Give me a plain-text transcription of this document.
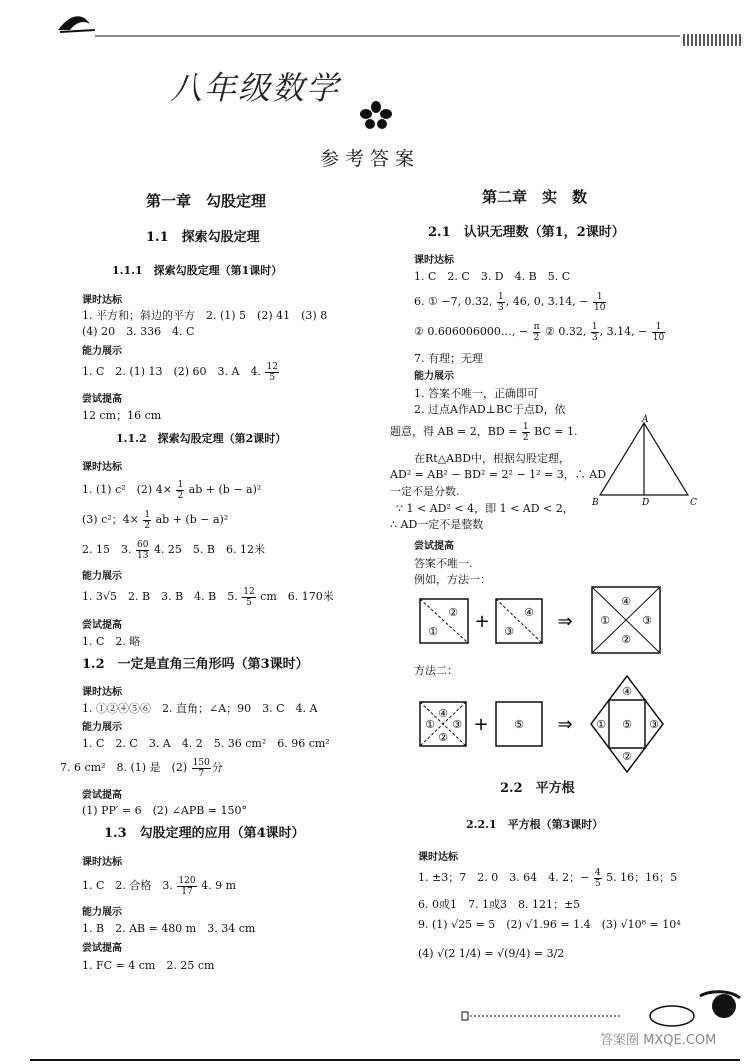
八年级数学
参考答案
第一章　勾股定理
1.1　探索勾股定理
1.1.1　探索勾股定理（第1课时）
课时达标
1. 平方和；斜边的平方　2. (1) 5　(2) 41　(3) 8
(4) 20　3. 336　4. C
能力展示
1. C　2. (1) 13　(2) 60　3. A　4. $\frac{12}{5}$
尝试提高
12 cm；16 cm
1.1.2　探索勾股定理（第2课时）
课时达标
1. (1) c²　(2) $4\times \frac{1}{2}$ ab + (b − a)²
(3) c²；$4\times \frac{1}{2}$ ab + (b − a)²
2. 15　3. $\frac{60}{13} 4$. 25　5. B　6. 12米
能力展示
1. 3√5　2. B　3. B　4. B　5. $\frac{12}{5}$ cm　6. 170米
尝试提高
1. C　2. 略
1.2　一定是直角三角形吗（第3课时）
课时达标
1. ①②④⑤⑥　2. 直角；∠A；90　3. C　4. A
能力展示
1. C　2. C　3. A　4. 2　5. 36 cm²　6. 96 cm²
7. 6 cm²　8. (1) 是　$(2) \frac{150}{7}$ 分
尝试提高
(1) PP′ = 6　(2) ∠APB = 150°
1.3　勾股定理的应用（第4课时）
课时达标
1. C　2. 合格　3. $\frac{120}{17} 4$. 9 m
能力展示
1. B　2. AB = 480 m　3. 34 cm
尝试提高
1. FC = 4 cm　2. 25 cm
第二章　实　数
2.1　认识无理数（第1，2课时）
课时达标
1. C　2. C　3. D　4. B　5. C
6. ① −7, 0.32, $\frac{1}{3}$ , 46, 0, 3.14, − $\frac{1}{10}$
② 0.606006000…, − $\frac{\pi}{2}$ ② 0.32, $\frac{1}{3}$ , 3.14, − $\frac{1}{10}$
7. 有理；无理
能力展示
1. 答案不唯一，正确即可
2. 过点A作AD⊥BC于点D，依
题意，得 AB = 2，BD = $\frac{1}{2}$ BC = 1.
在Rt△ABD中，根据勾股定理，
AD² = AB² − BD² = 2² − 1² = 3，∴ AD
一定不是分数.
∵ 1 < AD² < 4，即 1 < AD < 2，
∴ AD一定不是整数
A
B	C
D
尝试提高
答案不唯一.
例如，方法一：
②
① +	④
③ ⇒
④
①	③
②
方法二：
④
① ③
②
+ ⑤ ⇒
④
① ⑤ ③
②
2.2　平方根
2.2.1　平方根（第3课时）
课时达标
1. ±3；7　2. 0　3. 64　4. 2；− $\frac{4}{5} 5$. 16；16；5
6. 0或1　7. 1或3　8. 121；±5
9. (1) √25 = 5　(2) √1.96 = 1.4　(3) √10⁸ = 10⁴
(4) √(2 1/4) = √(9/4) = 3/2
答案圈 MXQE.COM
